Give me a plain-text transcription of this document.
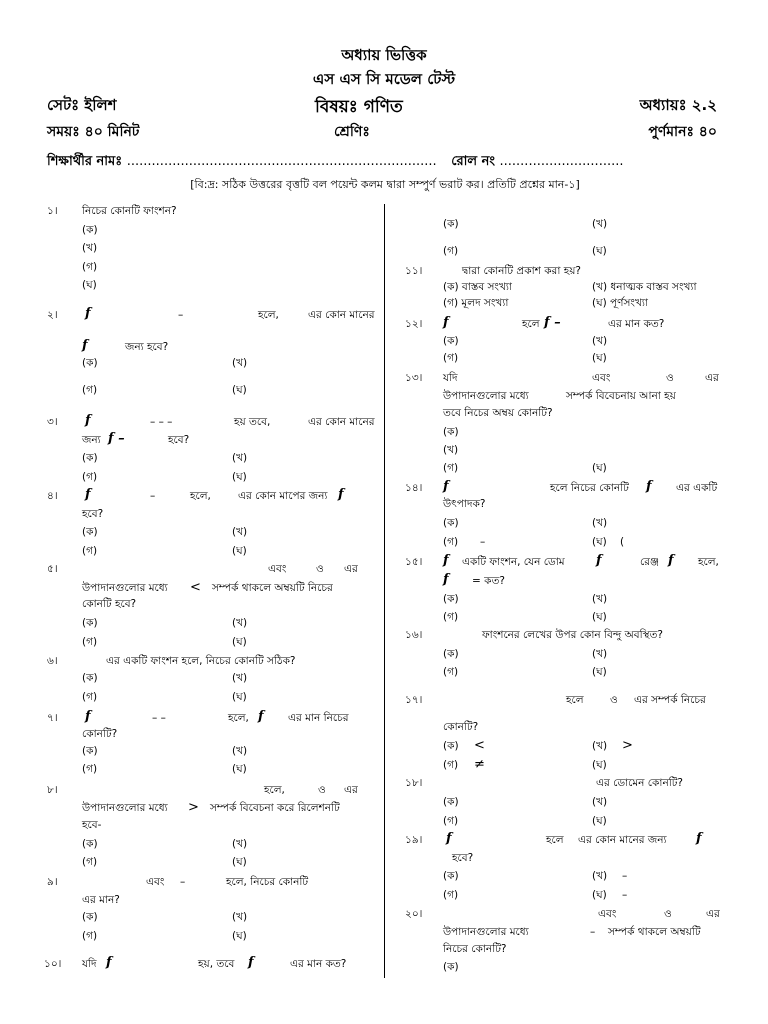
অধ্যায় ভিত্তিক
এস এস সি মডেল টেস্ট
সেটঃ ইলিশ	বিষয়ঃ গণিত	অধ্যায়ঃ ২.২
সময়ঃ ৪০ মিনিট	শ্রেণিঃ	পুর্ণমানঃ ৪০
শিক্ষার্থীর নামঃ ........................................................................... রোল নং ..............................
[বি:দ্র: সঠিক উত্তরের বৃত্তটি বল পয়েন্ট কলম দ্বারা সম্পুর্ণ ভরাট কর। প্রতিটি প্রশ্নের মান-১]
১। নিচের কোনটি ফাংশন?
(ক)
(খ)
(গ)
(ঘ)
২। f	–	হলে,	এর কোন মানের
f	জন্য হবে?
(ক)	(খ)
(গ)	(ঘ)
৩। f	– – –	হয় তবে,	এর কোন মানের
জন্য f –	হবে?
(ক)	(খ)
(গ)	(ঘ)
৪। f	–	হলে,	এর কোন মাপের জন্য f
হবে?
(ক)	(খ)
(গ)	(ঘ)
৫।	এবং	ও এর
উপাদানগুলোর মধ্যে < সম্পর্ক থাকলে অম্বয়টি নিচের
কোনটি হবে?
(ক)	(খ)
(গ)	(ঘ)
৬।	এর একটি ফাংশন হলে, নিচের কোনটি সঠিক?
(ক)	(খ)
(গ)	(ঘ)
৭। f	– –	হলে, f এর মান নিচের
কোনটি?
(ক)	(খ)
(গ)	(ঘ)
৮।	হলে,	ও এর
উপাদানগুলোর মধ্যে > সম্পর্ক বিবেচনা করে রিলেশনটি
হবে-
(ক)	(খ)
(গ)	(ঘ)
৯।	এবং –	হলে, নিচের কোনটি
এর মান?
(ক)	(খ)
(গ)	(ঘ)
১০। যদি f	হয়, তবে f	এর মান কত?
(ক)	(খ)
(গ)	(ঘ)
১১।	দ্বারা কোনটি প্রকাশ করা হয়?
(ক) বাস্তব সংখ্যা	(খ) ধনাত্মক বাস্তব সংখ্যা
(গ) মূলদ সংখ্যা	(ঘ) পূর্ণসংখ্যা
১২। f	হলে f –	এর মান কত?
(ক)	(খ)
(গ)	(ঘ)
১৩। যদি	এবং	ও	এর
উপাদানগুলোর মধ্যে	সম্পর্ক বিবেচনায় আনা হয়
তবে নিচের অম্বয় কোনটি?
(ক)
(খ)
(গ)	(ঘ)
১৪। f	হলে নিচের কোনটি f এর একটি
উৎপাদক?
(ক)	(খ)
(গ) –	(ঘ) (
১৫। f একটি ফাংশন, যেন ডোম f	রেঞ্জ f হলে,
f = কত?
(ক)	(খ)
(গ)	(ঘ)
১৬।	ফাংশনের লেখের উপর কোন বিন্দু অবস্থিত?
(ক)	(খ)
(গ)	(ঘ)
১৭।	হলে	ও এর সম্পর্ক নিচের
কোনটি?
(ক) <	(খ) >
(গ) ≠	(ঘ)
১৮।	এর ডোমেন কোনটি?
(ক)	(খ)
(গ)	(ঘ)
১৯। f	হলে এর কোন মানের জন্য f
হবে?
(ক)	(খ) –
(গ)	(ঘ) –
২০।	এবং	ও	এর
উপাদানগুলোর মধ্যে	– সম্পর্ক থাকলে অম্বয়টি
নিচের কোনটি?
(ক)
